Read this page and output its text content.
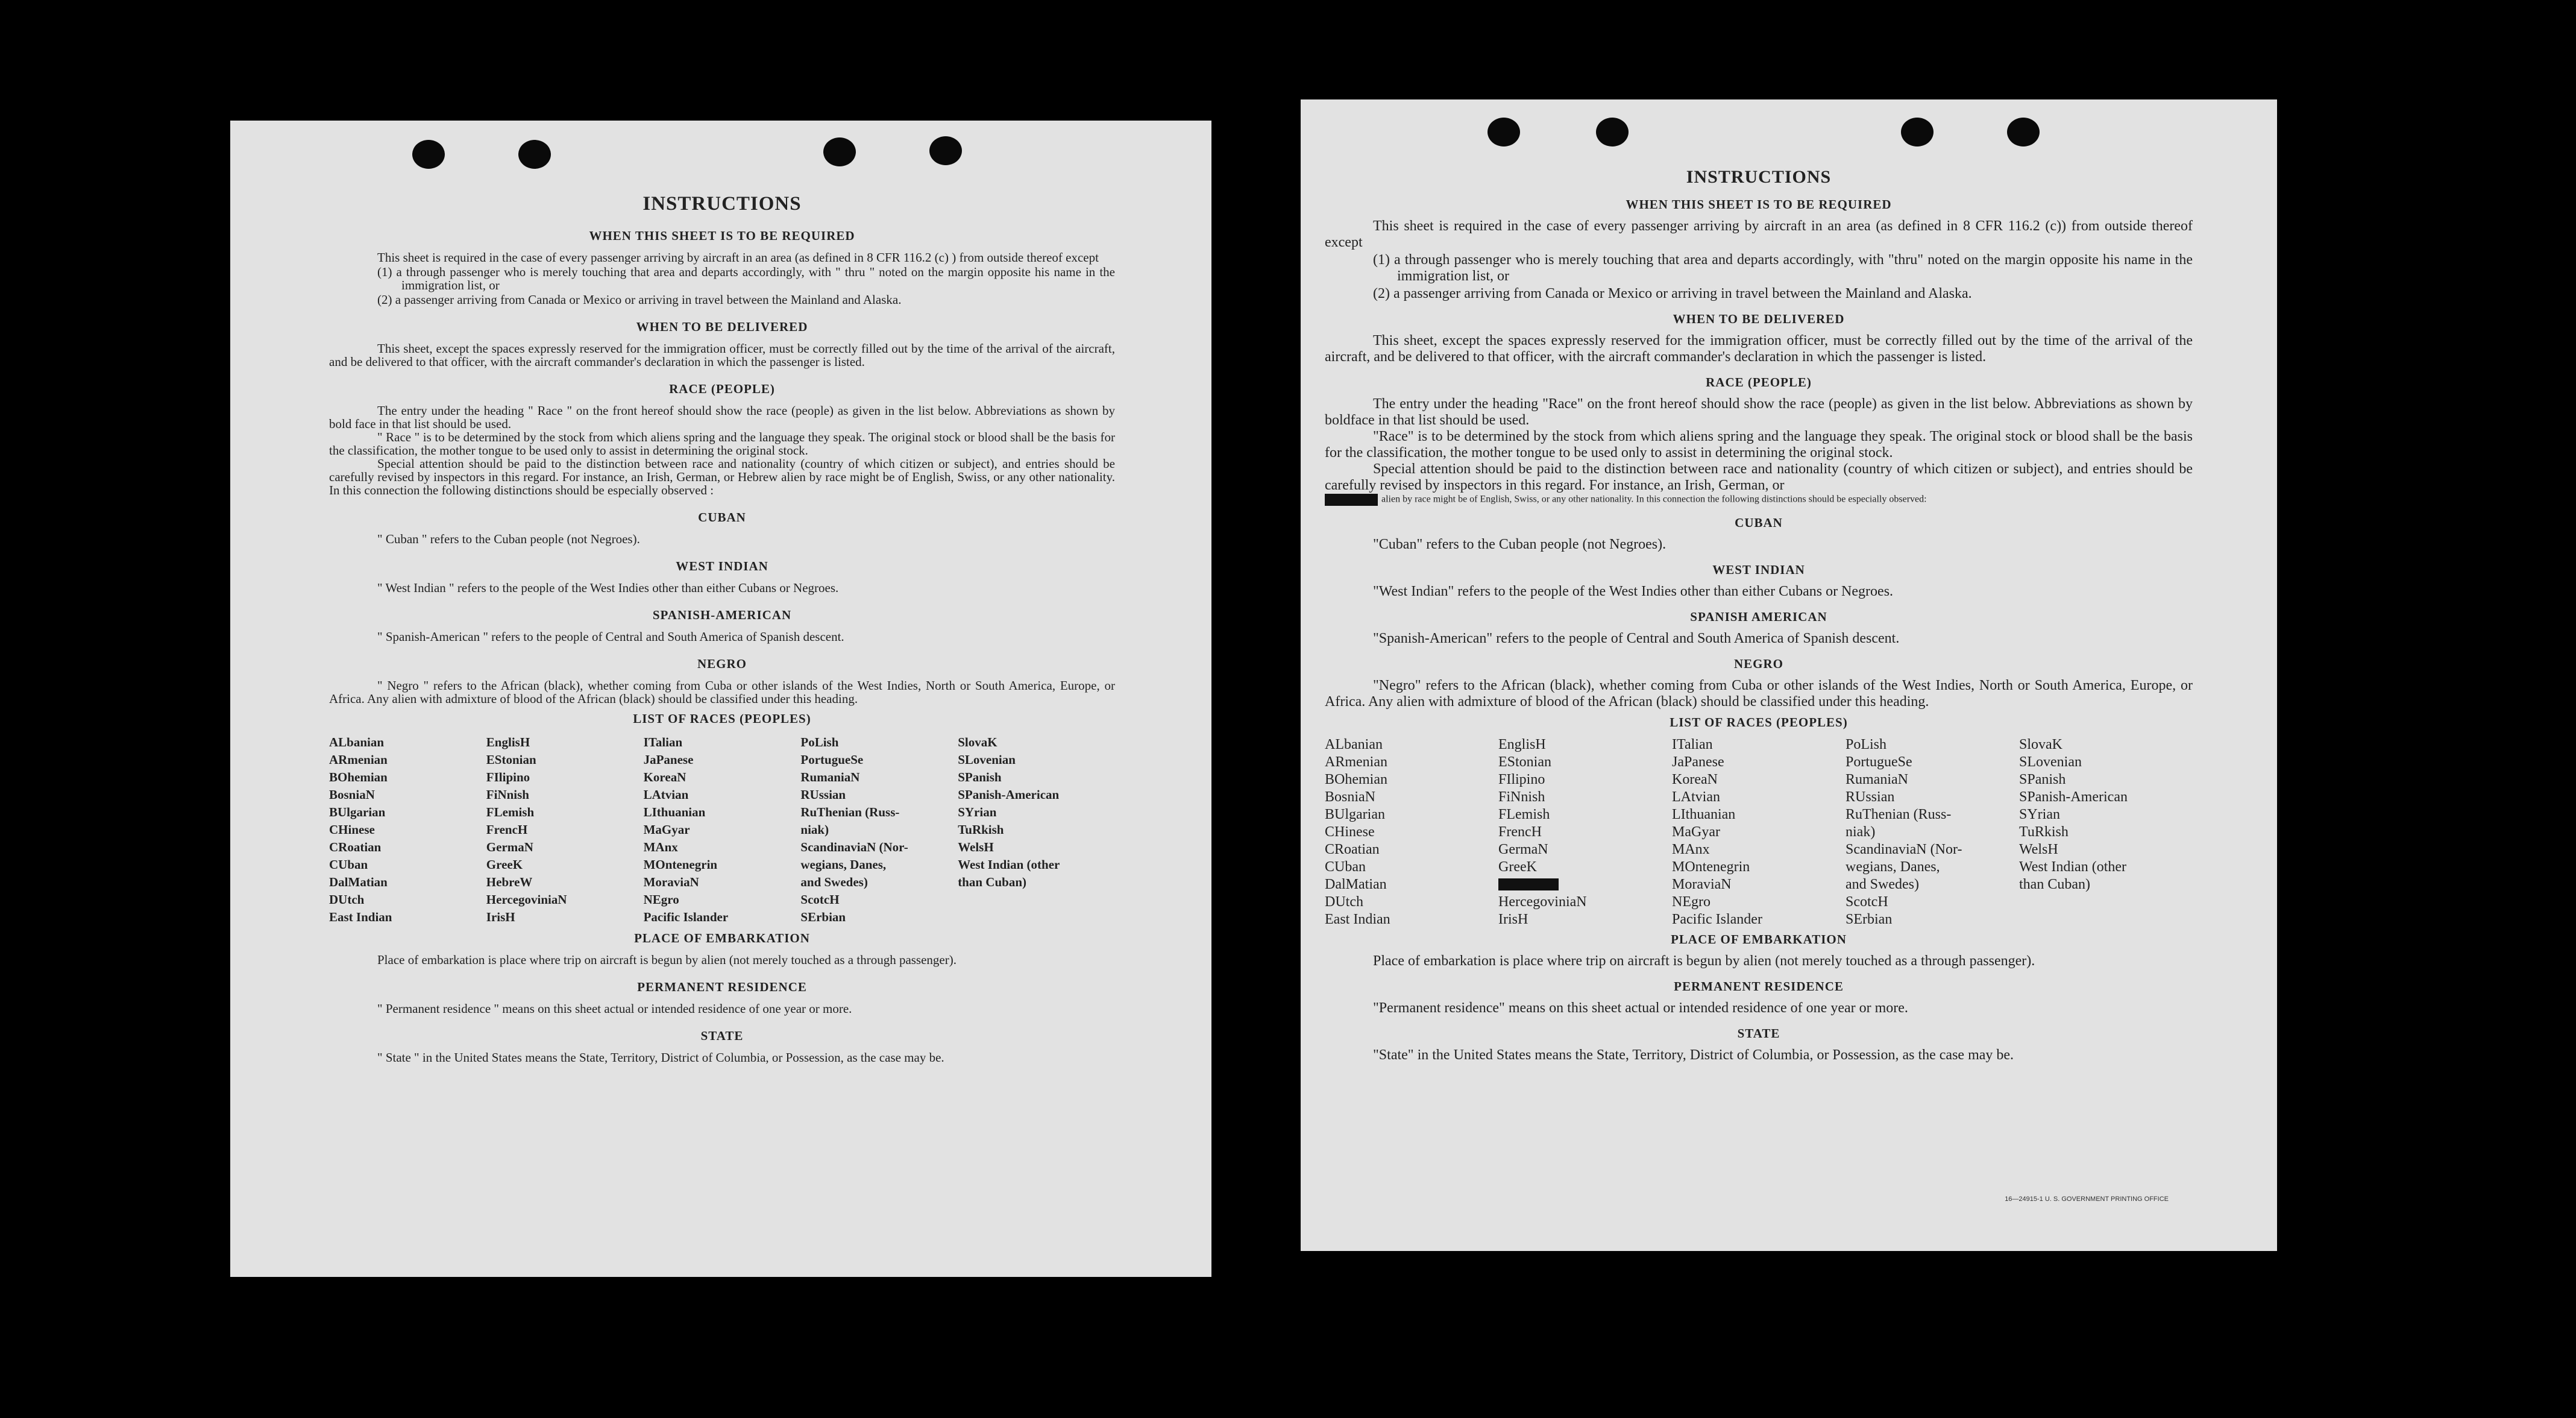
INSTRUCTIONS
WHEN THIS SHEET IS TO BE REQUIRED

This sheet is required in the case of every passenger arriving by aircraft in an area (as defined in 8 CFR 116.2 (c) ) from outside thereof except

(1) a through passenger who is merely touching that area and departs accordingly, with " thru " noted on the margin opposite his name in the immigration list, or

(2) a passenger arriving from Canada or Mexico or arriving in travel between the Mainland and Alaska.

WHEN TO BE DELIVERED

This sheet, except the spaces expressly reserved for the immigration officer, must be correctly filled out by the time of the arrival of the aircraft, and be delivered to that officer, with the aircraft commander's declaration in which the passenger is listed.

RACE (PEOPLE)

The entry under the heading " Race " on the front hereof should show the race (people) as given in the list below. Abbreviations as shown by bold face in that list should be used.

" Race " is to be determined by the stock from which aliens spring and the language they speak. The original stock or blood shall be the basis for the classification, the mother tongue to be used only to assist in determining the original stock.

Special attention should be paid to the distinction between race and nationality (country of which citizen or subject), and entries should be carefully revised by inspectors in this regard. For instance, an Irish, German, or Hebrew alien by race might be of English, Swiss, or any other nationality. In this connection the following distinctions should be especially observed :

CUBAN

" Cuban " refers to the Cuban people (not Negroes).

WEST INDIAN

" West Indian " refers to the people of the West Indies other than either Cubans or Negroes.

SPANISH-AMERICAN

" Spanish-American " refers to the people of Central and South America of Spanish descent.

NEGRO

" Negro " refers to the African (black), whether coming from Cuba or other islands of the West Indies, North or South America, Europe, or Africa. Any alien with admixture of blood of the African (black) should be classified under this heading.

LIST OF RACES (PEOPLES)

ALbanian
ARmenian
BOhemian
BosniaN
BUlgarian
CHinese
CRoatian
CUban
DalMatian
DUtch
East Indian

EnglisH
EStonian
FIlipino
FiNnish
FLemish
FrencH
GermaN
GreeK
HebreW
HercegoviniaN
IrisH

ITalian
JaPanese
KoreaN
LAtvian
LIthuanian
MaGyar
MAnx
MOntenegrin
MoraviaN
NEgro
Pacific Islander

PoLish
PortugueSe
RumaniaN
RUssian
RuThenian (Russ-
niak)
ScandinaviaN (Nor-
wegians, Danes,
and Swedes)
ScotcH
SErbian

SlovaK
SLovenian
SPanish
SPanish-American
SYrian
TuRkish
WelsH
West Indian (other
than Cuban)

PLACE OF EMBARKATION

Place of embarkation is place where trip on aircraft is begun by alien (not merely touched as a through passenger).

PERMANENT RESIDENCE

" Permanent residence " means on this sheet actual or intended residence of one year or more.

STATE

" State " in the United States means the State, Territory, District of Columbia, or Possession, as the case may be.

INSTRUCTIONS
WHEN THIS SHEET IS TO BE REQUIRED

This sheet is required in the case of every passenger arriving by aircraft in an area (as defined in 8 CFR 116.2 (c)) from outside thereof except

(1) a through passenger who is merely touching that area and departs accordingly, with "thru" noted on the margin opposite his name in the immigration list, or

(2) a passenger arriving from Canada or Mexico or arriving in travel between the Mainland and Alaska.

WHEN TO BE DELIVERED

This sheet, except the spaces expressly reserved for the immigration officer, must be correctly filled out by the time of the arrival of the aircraft, and be delivered to that officer, with the aircraft commander's declaration in which the passenger is listed.

RACE (PEOPLE)

The entry under the heading "Race" on the front hereof should show the race (people) as given in the list below. Abbreviations as shown by boldface in that list should be used.

"Race" is to be determined by the stock from which aliens spring and the language they speak. The original stock or blood shall be the basis for the classification, the mother tongue to be used only to assist in determining the original stock.

Special attention should be paid to the distinction between race and nationality (country of which citizen or subject), and entries should be carefully revised by inspectors in this regard. For instance, an Irish, German, or

alien by race might be of English, Swiss, or any other nationality. In this connection the following distinctions should be especially observed:

CUBAN

"Cuban" refers to the Cuban people (not Negroes).

WEST INDIAN

"West Indian" refers to the people of the West Indies other than either Cubans or Negroes.

SPANISH AMERICAN

"Spanish-American" refers to the people of Central and South America of Spanish descent.

NEGRO

"Negro" refers to the African (black), whether coming from Cuba or other islands of the West Indies, North or South America, Europe, or Africa. Any alien with admixture of blood of the African (black) should be classified under this heading.

LIST OF RACES (PEOPLES)

ALbanian
ARmenian
BOhemian
BosniaN
BUlgarian
CHinese
CRoatian
CUban
DalMatian
DUtch
East Indian

EnglisH
EStonian
FIlipino
FiNnish
FLemish
FrencH
GermaN
GreeK

HercegoviniaN
IrisH

ITalian
JaPanese
KoreaN
LAtvian
LIthuanian
MaGyar
MAnx
MOntenegrin
MoraviaN
NEgro
Pacific Islander

PoLish
PortugueSe
RumaniaN
RUssian
RuThenian (Russ-
niak)
ScandinaviaN (Nor-
wegians, Danes,
and Swedes)
ScotcH
SErbian

SlovaK
SLovenian
SPanish
SPanish-American
SYrian
TuRkish
WelsH
West Indian (other
than Cuban)

PLACE OF EMBARKATION

Place of embarkation is place where trip on aircraft is begun by alien (not merely touched as a through passenger).

PERMANENT RESIDENCE

"Permanent residence" means on this sheet actual or intended residence of one year or more.

STATE

"State" in the United States means the State, Territory, District of Columbia, or Possession, as the case may be.

16—24915-1 U. S. GOVERNMENT PRINTING OFFICE
